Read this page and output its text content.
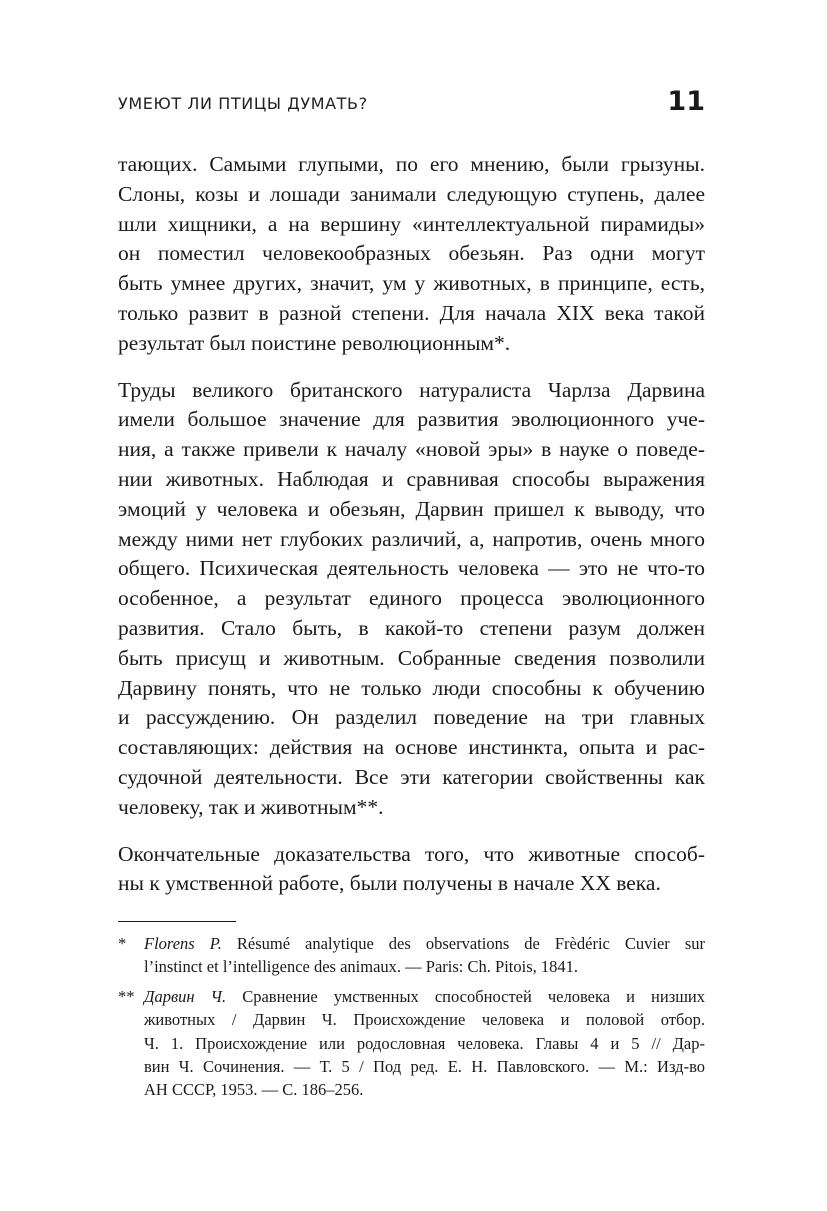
УМЕЮТ ЛИ ПТИЦЫ ДУМАТЬ?	11

тающих. Самыми глупыми, по его мнению, были грызуны.
Слоны, козы и лошади занимали следующую ступень, далее
шли хищники, а на вершину «интеллектуальной пирамиды»
он поместил человекообразных обезьян. Раз одни могут
быть умнее других, значит, ум у животных, в принципе, есть,
только развит в разной степени. Для начала XIX века такой
результат был поистине революционным*.

Труды великого британского натуралиста Чарлза Дарвина
имели большое значение для развития эволюционного уче-
ния, а также привели к началу «новой эры» в науке о поведе-
нии животных. Наблюдая и сравнивая способы выражения
эмоций у человека и обезьян, Дарвин пришел к выводу, что
между ними нет глубоких различий, а, напротив, очень много
общего. Психическая деятельность человека — это не что-то
особенное, а результат единого процесса эволюционного
развития. Стало быть, в какой-то степени разум должен
быть присущ и животным. Собранные сведения позволили
Дарвину понять, что не только люди способны к обучению
и рассуждению. Он разделил поведение на три главных
составляющих: действия на основе инстинкта, опыта и рас-
судочной деятельности. Все эти категории свойственны как
человеку, так и животным**.

Окончательные доказательства того, что животные способ-
ны к умственной работе, были получены в начале XX века.

* Florens P. Résumé analytique des observations de Frèdéric Cuvier sur
l’instinct et l’intelligence des animaux. — Paris: Ch. Pitois, 1841.
** Дарвин Ч. Сравнение умственных способностей человека и низших
животных / Дарвин Ч. Происхождение человека и половой отбор.
Ч. 1. Происхождение или родословная человека. Главы 4 и 5 // Дар-
вин Ч. Сочинения. — Т. 5 / Под ред. Е. Н. Павловского. — М.: Изд-во
АН СССР, 1953. — С. 186–256.
